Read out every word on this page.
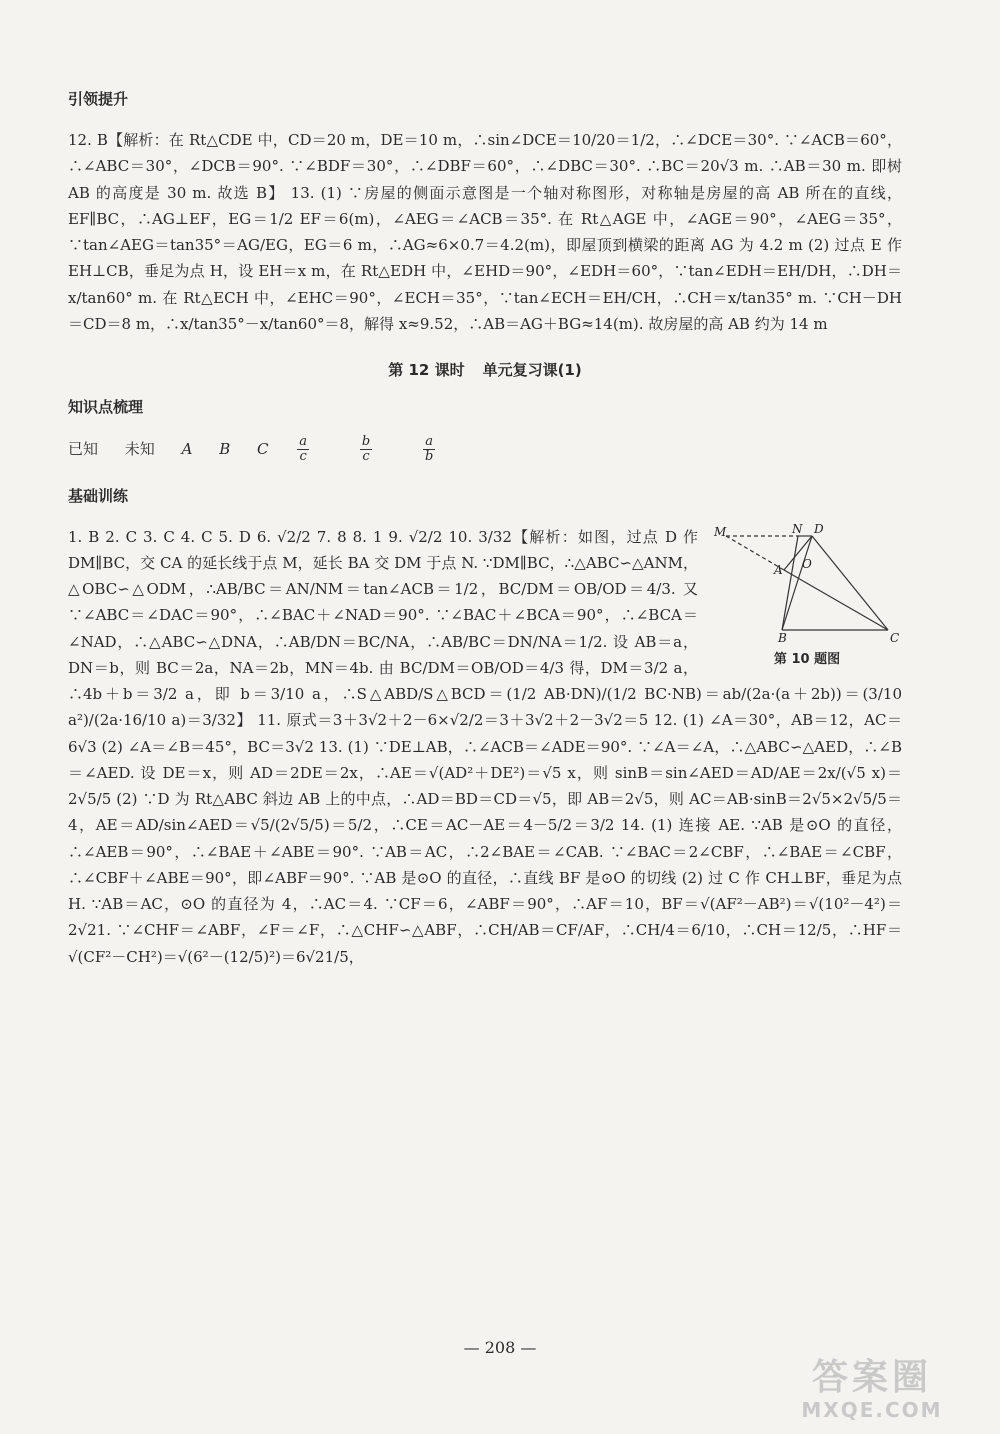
引领提升

12. B【解析：在 Rt△CDE 中，CD＝20 m，DE＝10 m，∴sin∠DCE＝10/20＝1/2，∴∠DCE＝30°. ∵∠ACB＝60°，∴∠ABC＝30°，∠DCB＝90°. ∵∠BDF＝30°，∴∠DBF＝60°，∴∠DBC＝30°. ∴BC＝20√3 m. ∴AB＝30 m. 即树 AB 的高度是 30 m. 故选 B】 13. (1) ∵房屋的侧面示意图是一个轴对称图形，对称轴是房屋的高 AB 所在的直线，EF∥BC，∴AG⊥EF，EG＝1/2 EF＝6(m)，∠AEG＝∠ACB＝35°. 在 Rt△AGE 中，∠AGE＝90°，∠AEG＝35°，∵tan∠AEG＝tan35°＝AG/EG，EG＝6 m，∴AG≈6×0.7＝4.2(m)，即屋顶到横梁的距离 AG 为 4.2 m (2) 过点 E 作 EH⊥CB，垂足为点 H，设 EH＝x m，在 Rt△EDH 中，∠EHD＝90°，∠EDH＝60°，∵tan∠EDH＝EH/DH，∴DH＝x/tan60° m. 在 Rt△ECH 中，∠EHC＝90°，∠ECH＝35°，∵tan∠ECH＝EH/CH，∴CH＝x/tan35° m. ∵CH－DH＝CD＝8 m，∴x/tan35°－x/tan60°＝8，解得 x≈9.52，∴AB＝AG＋BG≈14(m). 故房屋的高 AB 约为 14 m

第 12 课时 单元复习课(1)
知识点梳理
已知 未知 A B C $\frac{a}{c}$
$\frac{b}{c}$
$\frac{a}{b}$
基础训练
M	N D
A O
B	C
第 10 题图

1. B 2. C 3. C 4. C 5. D 6. √2/2 7. 8 8. 1 9. √2/2 10. 3/32【解析：如图，过点 D 作 DM∥BC，交 CA 的延长线于点 M，延长 BA 交 DM 于点 N. ∵DM∥BC，∴△ABC∽△ANM，△OBC∽△ODM，∴AB/BC＝AN/NM＝tan∠ACB＝1/2，BC/DM＝OB/OD＝4/3. 又∵∠ABC＝∠DAC＝90°，∴∠BAC＋∠NAD＝90°. ∵∠BAC＋∠BCA＝90°，∴∠BCA＝∠NAD，∴△ABC∽△DNA，∴AB/DN＝BC/NA，∴AB/BC＝DN/NA＝1/2. 设 AB＝a，DN＝b，则 BC＝2a，NA＝2b，MN＝4b. 由 BC/DM＝OB/OD＝4/3 得，DM＝3/2 a，∴4b＋b＝3/2 a，即 b＝3/10 a，∴S△ABD/S△BCD＝(1/2 AB·DN)/(1/2 BC·NB)＝ab/(2a·(a＋2b))＝(3/10 a²)/(2a·16/10 a)＝3/32】 11. 原式＝3＋3√2＋2－6×√2/2＝3＋3√2＋2－3√2＝5 12. (1) ∠A＝30°，AB＝12，AC＝6√3 (2) ∠A＝∠B＝45°，BC＝3√2 13. (1) ∵DE⊥AB，∴∠ACB＝∠ADE＝90°. ∵∠A＝∠A，∴△ABC∽△AED，∴∠B＝∠AED. 设 DE＝x，则 AD＝2DE＝2x，∴AE＝√(AD²＋DE²)＝√5 x，则 sinB＝sin∠AED＝AD/AE＝2x/(√5 x)＝2√5/5 (2) ∵D 为 Rt△ABC 斜边 AB 上的中点，∴AD＝BD＝CD＝√5，即 AB＝2√5，则 AC＝AB·sinB＝2√5×2√5/5＝4，AE＝AD/sin∠AED＝√5/(2√5/5)＝5/2，∴CE＝AC－AE＝4－5/2＝3/2 14. (1) 连接 AE. ∵AB 是⊙O 的直径，∴∠AEB＝90°，∴∠BAE＋∠ABE＝90°. ∵AB＝AC，∴2∠BAE＝∠CAB. ∵∠BAC＝2∠CBF，∴∠BAE＝∠CBF，∴∠CBF＋∠ABE＝90°，即∠ABF＝90°. ∵AB 是⊙O 的直径，∴直线 BF 是⊙O 的切线 (2) 过 C 作 CH⊥BF，垂足为点 H. ∵AB＝AC，⊙O 的直径为 4，∴AC＝4. ∵CF＝6，∠ABF＝90°，∴AF＝10，BF＝√(AF²－AB²)＝√(10²－4²)＝2√21. ∵∠CHF＝∠ABF，∠F＝∠F，∴△CHF∽△ABF，∴CH/AB＝CF/AF，∴CH/4＝6/10，∴CH＝12/5，∴HF＝√(CF²－CH²)＝√(6²－(12/5)²)＝6√21/5，

— 208 —
答案圈
MXQE.COM
